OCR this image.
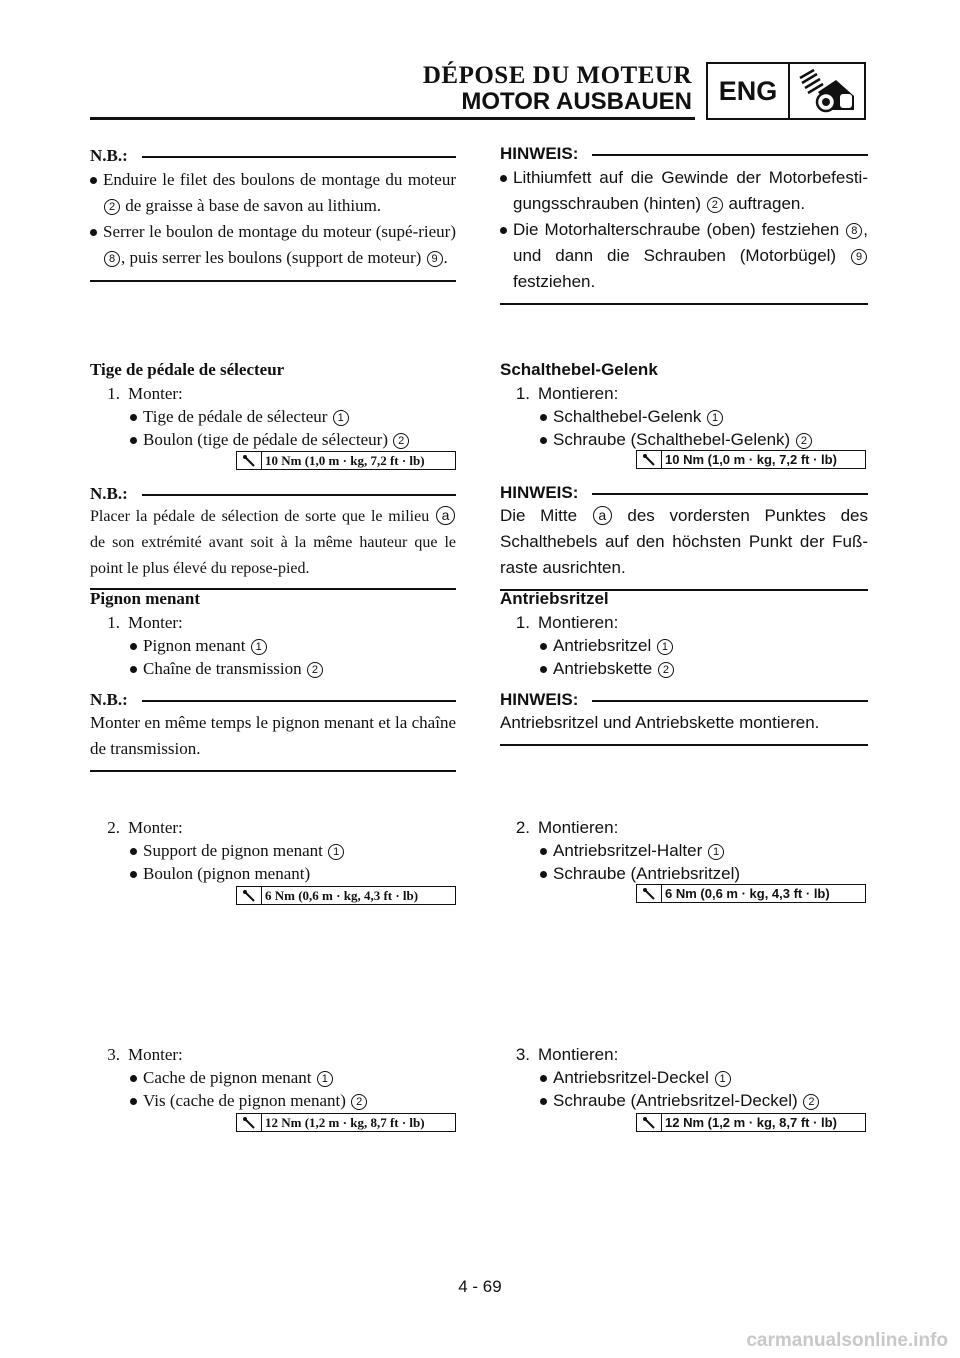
DÉPOSE DU MOTEUR
MOTOR AUSBAUEN ENG
N.B.:
Enduire le filet des boulons de montage du moteur 2 de graisse à base de savon au lithium.
Serrer le boulon de montage du moteur (supé-rieur) 8 , puis serrer les boulons (support de moteur) 9 .
HINWEIS:
Lithiumfett auf die Gewinde der Motorbefesti-gungsschrauben (hinten) 2 auftragen.
Die Motorhalterschraube (oben) festziehen 8 , und dann die Schrauben (Motorbügel) 9 festziehen.
Tige de pédale de sélecteur
1. Monter:
Tige de pédale de sélecteur 1
Boulon (tige de pédale de sélecteur) 2
10 Nm (1,0 m · kg, 7,2 ft · lb)
Schalthebel-Gelenk
1. Montieren:
Schalthebel-Gelenk 1
Schraube (Schalthebel-Gelenk) 2
10 Nm (1,0 m · kg, 7,2 ft · lb)
N.B.:
Placer la pédale de sélection de sorte que le milieu a de son extrémité avant soit à la même hauteur que le point le plus élevé du repose-pied.
HINWEIS:
Die Mitte a des vordersten Punktes des Schalthebels auf den höchsten Punkt der Fuß-raste ausrichten.
Pignon menant
1. Monter:
Pignon menant 1
Chaîne de transmission 2
Antriebsritzel
1. Montieren:
Antriebsritzel 1
Antriebskette 2
N.B.:
Monter en même temps le pignon menant et la chaîne de transmission.
HINWEIS:
Antriebsritzel und Antriebskette montieren.
2. Monter:
Support de pignon menant 1
Boulon (pignon menant)
6 Nm (0,6 m · kg, 4,3 ft · lb)
2. Montieren:
Antriebsritzel-Halter 1
Schraube (Antriebsritzel)
6 Nm (0,6 m · kg, 4,3 ft · lb)
3. Monter:
Cache de pignon menant 1
Vis (cache de pignon menant) 2
12 Nm (1,2 m · kg, 8,7 ft · lb)
3. Montieren:
Antriebsritzel-Deckel 1
Schraube (Antriebsritzel-Deckel) 2
12 Nm (1,2 m · kg, 8,7 ft · lb)
4 - 69
carmanualsonline.info
